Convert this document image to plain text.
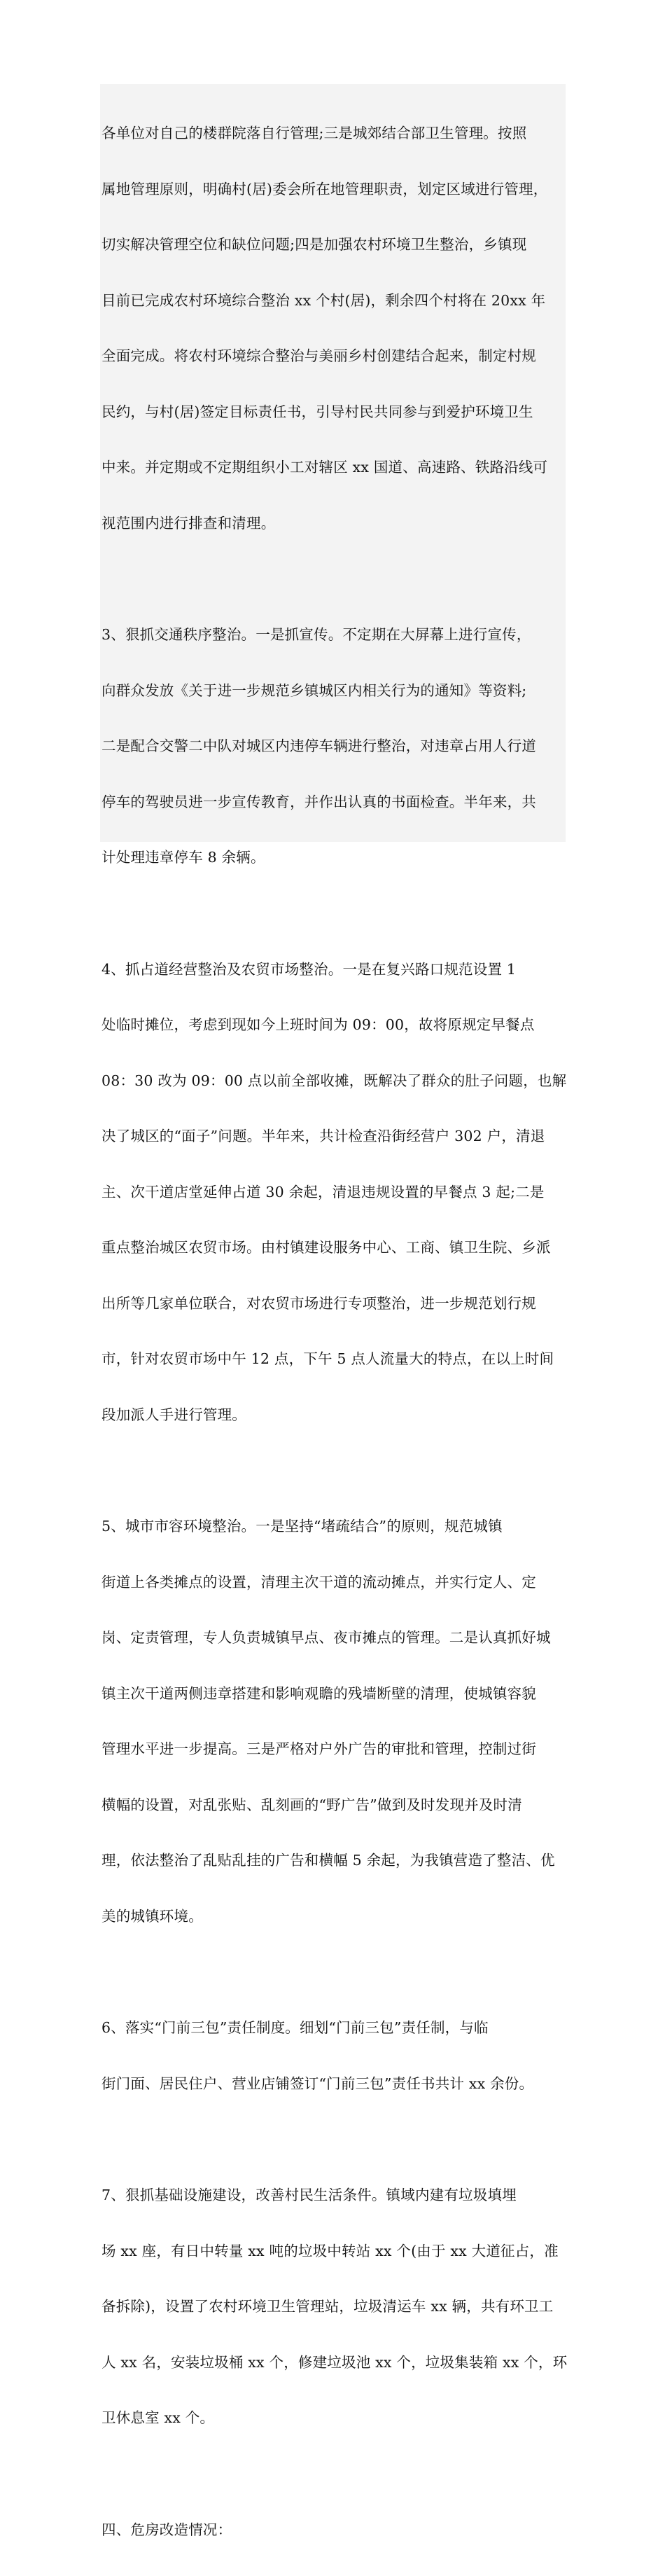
各单位对自己的楼群院落自行管理;三是城郊结合部卫生管理。按照

属地管理原则，明确村(居)委会所在地管理职责，划定区域进行管理，

切实解决管理空位和缺位问题;四是加强农村环境卫生整治，乡镇现

目前已完成农村环境综合整治 xx 个村(居)，剩余四个村将在 20xx 年

全面完成。将农村环境综合整治与美丽乡村创建结合起来，制定村规

民约，与村(居)签定目标责任书，引导村民共同参与到爱护环境卫生

中来。并定期或不定期组织小工对辖区 xx 国道、高速路、铁路沿线可

视范围内进行排查和清理。

3、狠抓交通秩序整治。一是抓宣传。不定期在大屏幕上进行宣传，

向群众发放《关于进一步规范乡镇城区内相关行为的通知》等资料;

二是配合交警二中队对城区内违停车辆进行整治，对违章占用人行道

停车的驾驶员进一步宣传教育，并作出认真的书面检查。半年来，共

计处理违章停车 8 余辆。

4、抓占道经营整治及农贸市场整治。一是在复兴路口规范设置 1

处临时摊位，考虑到现如今上班时间为 09：00，故将原规定早餐点

08：30 改为 09：00 点以前全部收摊，既解决了群众的肚子问题，也解

决了城区的“面子”问题。半年来，共计检查沿街经营户 302 户，清退

主、次干道店堂延伸占道 30 余起，清退违规设置的早餐点 3 起;二是

重点整治城区农贸市场。由村镇建设服务中心、工商、镇卫生院、乡派

出所等几家单位联合，对农贸市场进行专项整治，进一步规范划行规

市，针对农贸市场中午 12 点，下午 5 点人流量大的特点，在以上时间

段加派人手进行管理。

5、城市市容环境整治。一是坚持“堵疏结合”的原则，规范城镇

街道上各类摊点的设置，清理主次干道的流动摊点，并实行定人、定

岗、定责管理，专人负责城镇早点、夜市摊点的管理。二是认真抓好城

镇主次干道两侧违章搭建和影响观瞻的残墙断壁的清理，使城镇容貌

管理水平进一步提高。三是严格对户外广告的审批和管理，控制过街

横幅的设置，对乱张贴、乱刻画的“野广告”做到及时发现并及时清

理，依法整治了乱贴乱挂的广告和横幅 5 余起，为我镇营造了整洁、优

美的城镇环境。

6、落实“门前三包”责任制度。细划“门前三包”责任制，与临

街门面、居民住户、营业店铺签订“门前三包”责任书共计 xx 余份。

7、狠抓基础设施建设，改善村民生活条件。镇域内建有垃圾填埋

场 xx 座，有日中转量 xx 吨的垃圾中转站 xx 个(由于 xx 大道征占，准

备拆除)，设置了农村环境卫生管理站，垃圾清运车 xx 辆，共有环卫工

人 xx 名，安装垃圾桶 xx 个，修建垃圾池 xx 个，垃圾集装箱 xx 个，环

卫休息室 xx 个。

四、危房改造情况：
